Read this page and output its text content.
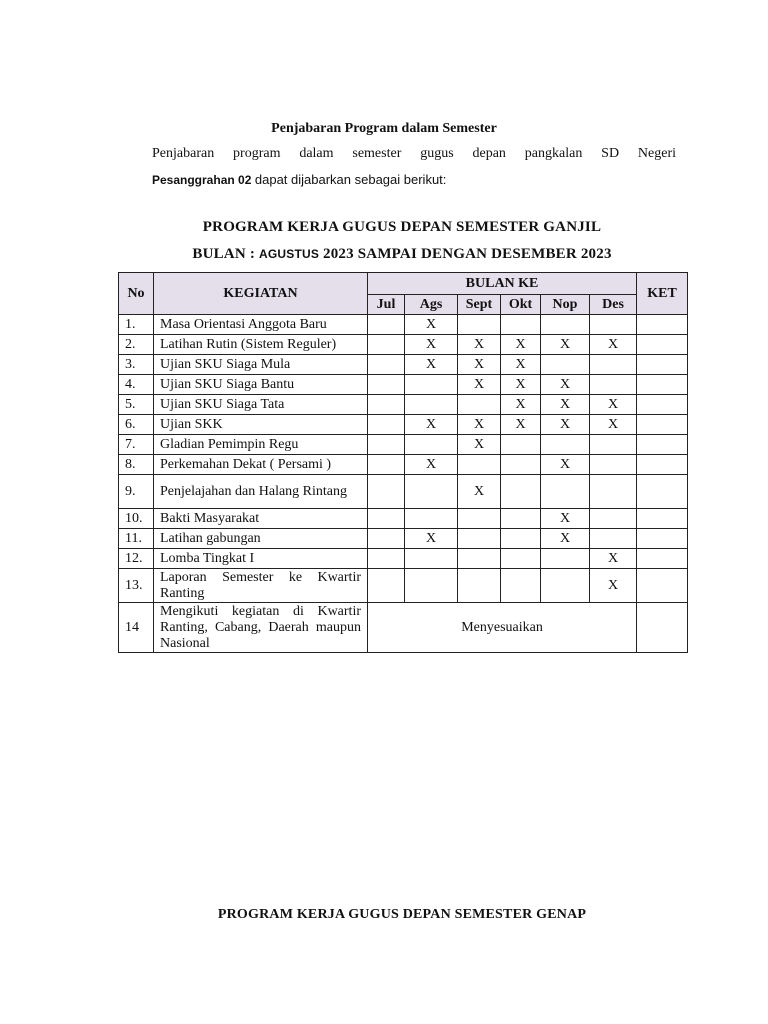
Penjabaran Program dalam Semester
Penjabaran program dalam semester gugus depan pangkalan SD Negeri
Pesanggrahan 02 dapat dijabarkan sebagai berikut:
PROGRAM KERJA GUGUS DEPAN SEMESTER GANJIL
BULAN : AGUSTUS 2023 SAMPAI DENGAN DESEMBER 2023
No	KEGIATAN	BULAN KE						KET
		Jul	Ags	Sept	Okt	Nop	Des	
1.	Masa Orientasi Anggota Baru		X					
2.	Latihan Rutin (Sistem Reguler)		X	X	X	X	X	
3.	Ujian SKU Siaga Mula		X	X	X			
4.	Ujian SKU Siaga Bantu			X	X	X		
5.	Ujian SKU Siaga Tata				X	X	X	
6.	Ujian SKK		X	X	X	X	X	
7.	Gladian Pemimpin Regu			X				
8.	Perkemahan Dekat ( Persami )		X			X		
9.	Penjelajahan dan Halang Rintang			X				
10.	Bakti Masyarakat					X		
11.	Latihan gabungan		X			X		
12.	Lomba Tingkat I						X	
13.	Laporan Semester ke Kwartir Ranting						X	
14	Mengikuti kegiatan di Kwartir Ranting, Cabang, Daerah maupun Nasional	Menyesuaikan						
PROGRAM KERJA GUGUS DEPAN SEMESTER GENAP
